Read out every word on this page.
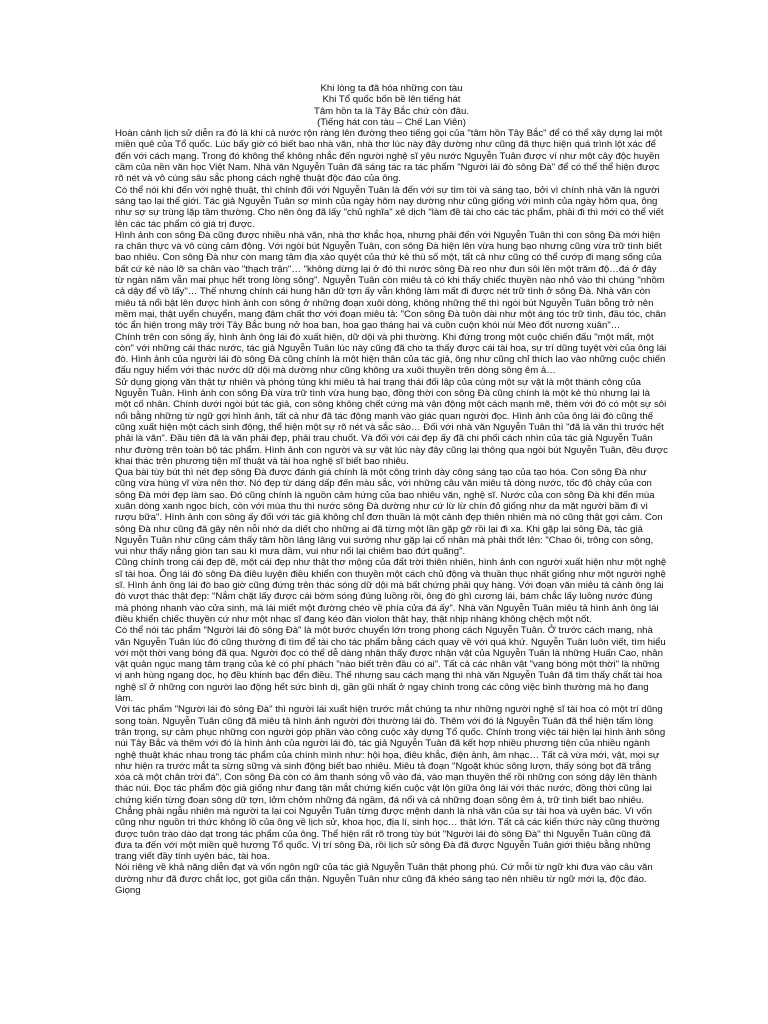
Khi lòng ta đã hóa những con tàu
Khi Tổ quốc bốn bề lên tiếng hát
Tâm hồn ta là Tây Bắc chứ còn đâu.
(Tiếng hát con tàu – Chế Lan Viên)

Hoàn cảnh lịch sử diễn ra đó là khi cả nước rộn ràng lên đường theo tiếng gọi của "tâm hồn Tây Bắc" để có thể xây dựng lại một miền quê của Tổ quốc. Lúc bấy giờ có biết bao nhà văn, nhà thơ lúc này đây dường như cũng đã thực hiện quá trình lột xác để đến với cách mạng. Trong đó không thể không nhắc đến người nghệ sĩ yêu nước Nguyễn Tuân được ví như một cây độc huyền cầm của nền văn học Việt Nam. Nhà văn Nguyễn Tuân đã sáng tác ra tác phẩm "Người lái đò sông Đà" để có thể thể hiện được rõ nét và vô cùng sâu sắc phong cách nghệ thuật độc đáo của ông.

Có thể nói khi đến với nghệ thuật, thì chính đối với Nguyễn Tuân là đến với sự tìm tòi và sáng tạo, bởi vì chính nhà văn là người sáng tạo lại thế giới. Tác giả Nguyễn Tuân sợ mình của ngày hôm nay dường như cũng giống với mình của ngày hôm qua, ông như sợ sự trùng lặp tầm thường. Cho nên ông đã lấy "chủ nghĩa" xê dịch "làm đề tài cho các tác phẩm, phải đi thì mới có thể viết lên các tác phẩm có giá trị được.

Hình ảnh con sông Đà cũng được nhiều nhà văn, nhà thơ khắc họa, nhưng phải đến với Nguyễn Tuân thì con sông Đà mới hiện ra chân thực và vô cùng cảm động. Với ngòi bút Nguyễn Tuân, con sông Đà hiện lên vừa hung bạo nhưng cũng vừa trữ tình biết bao nhiêu. Con sông Đà như còn mang tâm địa xảo quyệt của thứ kẻ thù số một, tất cả như cũng có thể cướp đi mạng sống của bất cứ kẻ nào lỡ sa chân vào "thạch trận"… "không dừng lại ở đó thì nước sông Đà reo như đun sôi lên một trăm độ…đá ở đây từ ngàn năm vẫn mai phục hết trong lòng sông". Nguyễn Tuân còn miêu tả có khi thấy chiếc thuyền nào nhỏ vào thì chúng "nhồm cả dậy để vồ lấy"… Thế nhưng chính cái hung hăn dữ tợn ấy vẫn không làm mất đi được nét trữ tình ở sông Đà. Nhà văn còn miêu tả nổi bật lên được hình ảnh con sông ở những đoạn xuôi dòng, không những thế thì ngòi bút Nguyễn Tuân bỗng trở nên mềm mại, thật uyển chuyển, mang đậm chất thơ với đoạn miêu tả: "Con sông Đà tuôn dài như một áng tóc trữ tình, đầu tóc, chân tóc ẩn hiện trong mây trời Tây Bắc bung nở hoa ban, hoa gạo tháng hai và cuồn cuộn khói núi Mèo đốt nương xuân"…

Chính trên con sông ấy, hình ảnh ông lái đò xuất hiện, dữ dội và phi thường. Khi đứng trong một cuộc chiến đấu "một mất, một còn" với những cái thác nước, tác giả Nguyễn Tuân lúc này cũng đã cho ta thấy được cái tài hoa, sự trí dũng tuyệt vời của ông lái đò. Hình ảnh của người lái đò sông Đà cũng chính là một hiện thân của tác giả, ông như cũng chỉ thích lao vào những cuộc chiến đấu nguy hiểm với thác nước dữ dội mà dường như cũng không ưa xuôi thuyền trên dòng sông êm ả…

Sử dụng giọng văn thật tự nhiên và phóng túng khi miêu tả hai trạng thái đối lập của cùng một sự vật là một thành công của Nguyễn Tuân. Hình ảnh con sông Đà vừa trữ tình vừa hung bạo, đồng thời con sông Đà cũng chính là một kẻ thù nhưng lại là một cố nhân. Chính dưới ngòi bút tác giả, con sông không chết cứng mà vận động một cách mạnh mẽ, thêm với đó có một sự sôi nổi bằng những từ ngữ gợi hình ảnh, tất cả như đã tác động mạnh vào giác quan người đọc. Hình ảnh của ông lái đò cũng thế cũng xuất hiện một cách sinh động, thể hiện một sự rõ nét và sắc sảo… Đối với nhà văn Nguyễn Tuân thì "đã là văn thì trước hết phải là văn". Đầu tiên đã là văn phải đẹp, phải trau chuốt. Và đối với cái đẹp ấy đã chi phối cách nhìn của tác giả Nguyễn Tuân như đường trên toàn bộ tác phẩm. Hình ảnh con người và sự vật lúc này đây cũng lại thông qua ngòi bút Nguyễn Tuân, đều được khai thác trên phương tiện mĩ thuật và tài hoa nghệ sĩ biết bao nhiêu.

Qua bài tùy bút thì nét đẹp sông Đà được đánh giá chính là một công trình dày công sáng tạo của tạo hóa. Con sông Đà như cũng vừa hùng vĩ vừa nên thơ. Nó đẹp từ dáng dấp đến màu sắc, với những câu văn miêu tả dòng nước, tốc độ chảy của con sông Đà mới đẹp làm sao. Đó cũng chính là nguồn cảm hứng của bao nhiêu văn, nghệ sĩ. Nước của con sông Đà khi đến mùa xuân dòng xanh ngọc bích, còn với mùa thu thì nước sông Đà dường như cứ lừ lừ chín đỏ giống như da mặt người bầm đi vì rượu bữa". Hình ảnh con sông ấy đối với tác giả không chỉ đơn thuần là một cảnh đẹp thiên nhiên mà nó cũng thật gợi cảm. Con sông Đà như cũng đã gây nên nỗi nhớ da diết cho những ai đã từng một lần gặp gỡ rồi lại đi xa. Khi gặp lại sông Đà, tác giả Nguyễn Tuân như cũng cảm thấy tâm hồn lâng lâng vui sướng như gặp lại cố nhân mà phải thốt lên: "Chao ôi, trông con sông, vui như thấy nắng giòn tan sau kì mưa dầm, vui như nối lại chiêm bao đứt quãng".

Cũng chính trong cái đẹp đẽ, một cái đẹp như thật thơ mộng của đất trời thiên nhiên, hình ảnh con người xuất hiện như một nghệ sĩ tài hoa. Ông lái đò sông Đà điêu luyện điều khiển con thuyền một cách chủ động và thuần thục nhất giống như một người nghệ sĩ. Hình ảnh ông lái đò bao giờ cũng đứng trên thác sóng dữ dội mà bất chứng phải quỵ hàng. Với đoạn văn miêu tả cảnh ông lái đò vượt thác thật đẹp: "Nắm chặt lấy được cái bờm sóng đúng luồng rồi, ông đò ghì cương lái, bám chắc lấy luồng nước đúng mà phóng nhanh vào cửa sinh, mà lái miết một đường chéo về phía cửa đá ấy". Nhà văn Nguyễn Tuân miêu tả hình ảnh ông lái điều khiển chiếc thuyền cứ như một nhạc sĩ đang kéo đàn violon thật hay, thật nhịp nhàng không chệch một nốt.

Có thể nói tác phẩm "Người lái đò sông Đà" là một bước chuyển lớn trong phong cách Nguyễn Tuân. Ở trước cách mạng, nhà văn Nguyễn Tuân lúc đó cũng thường đi tìm để tài cho tác phẩm bằng cách quay về với quá khứ. Nguyễn Tuân luôn viết, tìm hiểu với một thời vang bóng đã qua. Người đọc có thể dễ dàng nhận thấy được nhận vật của Nguyễn Tuân là những Huấn Cao, nhân vật quản ngục mang tâm trạng của kẻ có phí phách "nào biết trên đầu có ai". Tất cả các nhân vật "vang bóng một thời" là những vị anh hùng ngang dọc, họ đều khinh bạc đến điều. Thế nhưng sau cách mạng thì nhà văn Nguyễn Tuân đã tìm thấy chất tài hoa nghệ sĩ ở những con người lao động hết sức bình dị, gần gũi nhất ở ngay chính trong các công việc bình thường mà họ đang làm.

Với tác phẩm "Người lái đò sông Đà" thì người lái xuất hiện trước mắt chúng ta như những người nghệ sĩ tài hoa có một trí dũng song toàn. Nguyễn Tuân cũng đã miêu tả hình ảnh người đời thường lái đò. Thêm với đó là Nguyễn Tuân đã thể hiện tấm lòng trân trọng, sự cảm phục những con người góp phần vào công cuộc xây dựng Tổ quốc. Chính trong việc tái hiện lại hình ảnh sông núi Tây Bắc và thêm với đó là hình ảnh của người lái đò, tác giả Nguyễn Tuân đã kết hợp nhiều phương tiện của nhiều ngành nghệ thuật khác nhau trong tác phẩm của chính mình như: hội họa, điêu khắc, điện ảnh, âm nhạc… Tất cả vừa mới, vật, mọi sự như hiện ra trước mắt ta sừng sững và sinh động biết bao nhiêu. Miêu tả đoạn "Ngoặt khúc sông lượn, thấy sóng bọt đã trắng xóa cả một chân trời đá". Con sông Đà còn có âm thanh sóng vỗ vào đá, vào mạn thuyền thế rồi những con sóng dậy lên thành thác núi. Đọc tác phẩm độc giả giống như đang tận mắt chứng kiến cuộc vật lộn giữa ông lái với thác nước, đồng thời cũng lại chứng kiến từng đoạn sông dữ tợn, lởm chởm những đá ngầm, đá nổi và cả những đoạn sông êm ả, trữ tình biết bao nhiêu.

Chẳng phải ngẫu nhiên mà người ta lại coi Nguyễn Tuân từng được mệnh danh là nhà văn của sự tài hoa và uyên bác. Vì vốn cũng như nguồn tri thức không lồ của ông về lịch sử, khoa học, địa lí, sinh học… thật lớn. Tất cả các kiến thức này cũng thường được tuôn trào dào dạt trong tác phẩm của ông. Thể hiện rất rõ trong tùy bút "Người lái đò sông Đà" thì Nguyễn Tuân cũng đã đưa ta đến với một miền quê hương Tổ quốc. Vị trí sông Đà, rồi lịch sử sông Đà đã được Nguyễn Tuân giới thiệu bằng những trang viết đầy tính uyên bác, tài hoa.

Nói riêng về khả năng diễn đạt và vốn ngôn ngữ của tác giả Nguyễn Tuân thật phong phú. Cứ mỗi từ ngữ khi đưa vào câu văn dường như đã được chắt lọc, gọt giũa cẩn thận. Nguyễn Tuân như cũng đã khéo sáng tạo nên nhiều từ ngữ mới lạ, độc đáo. Giọng
